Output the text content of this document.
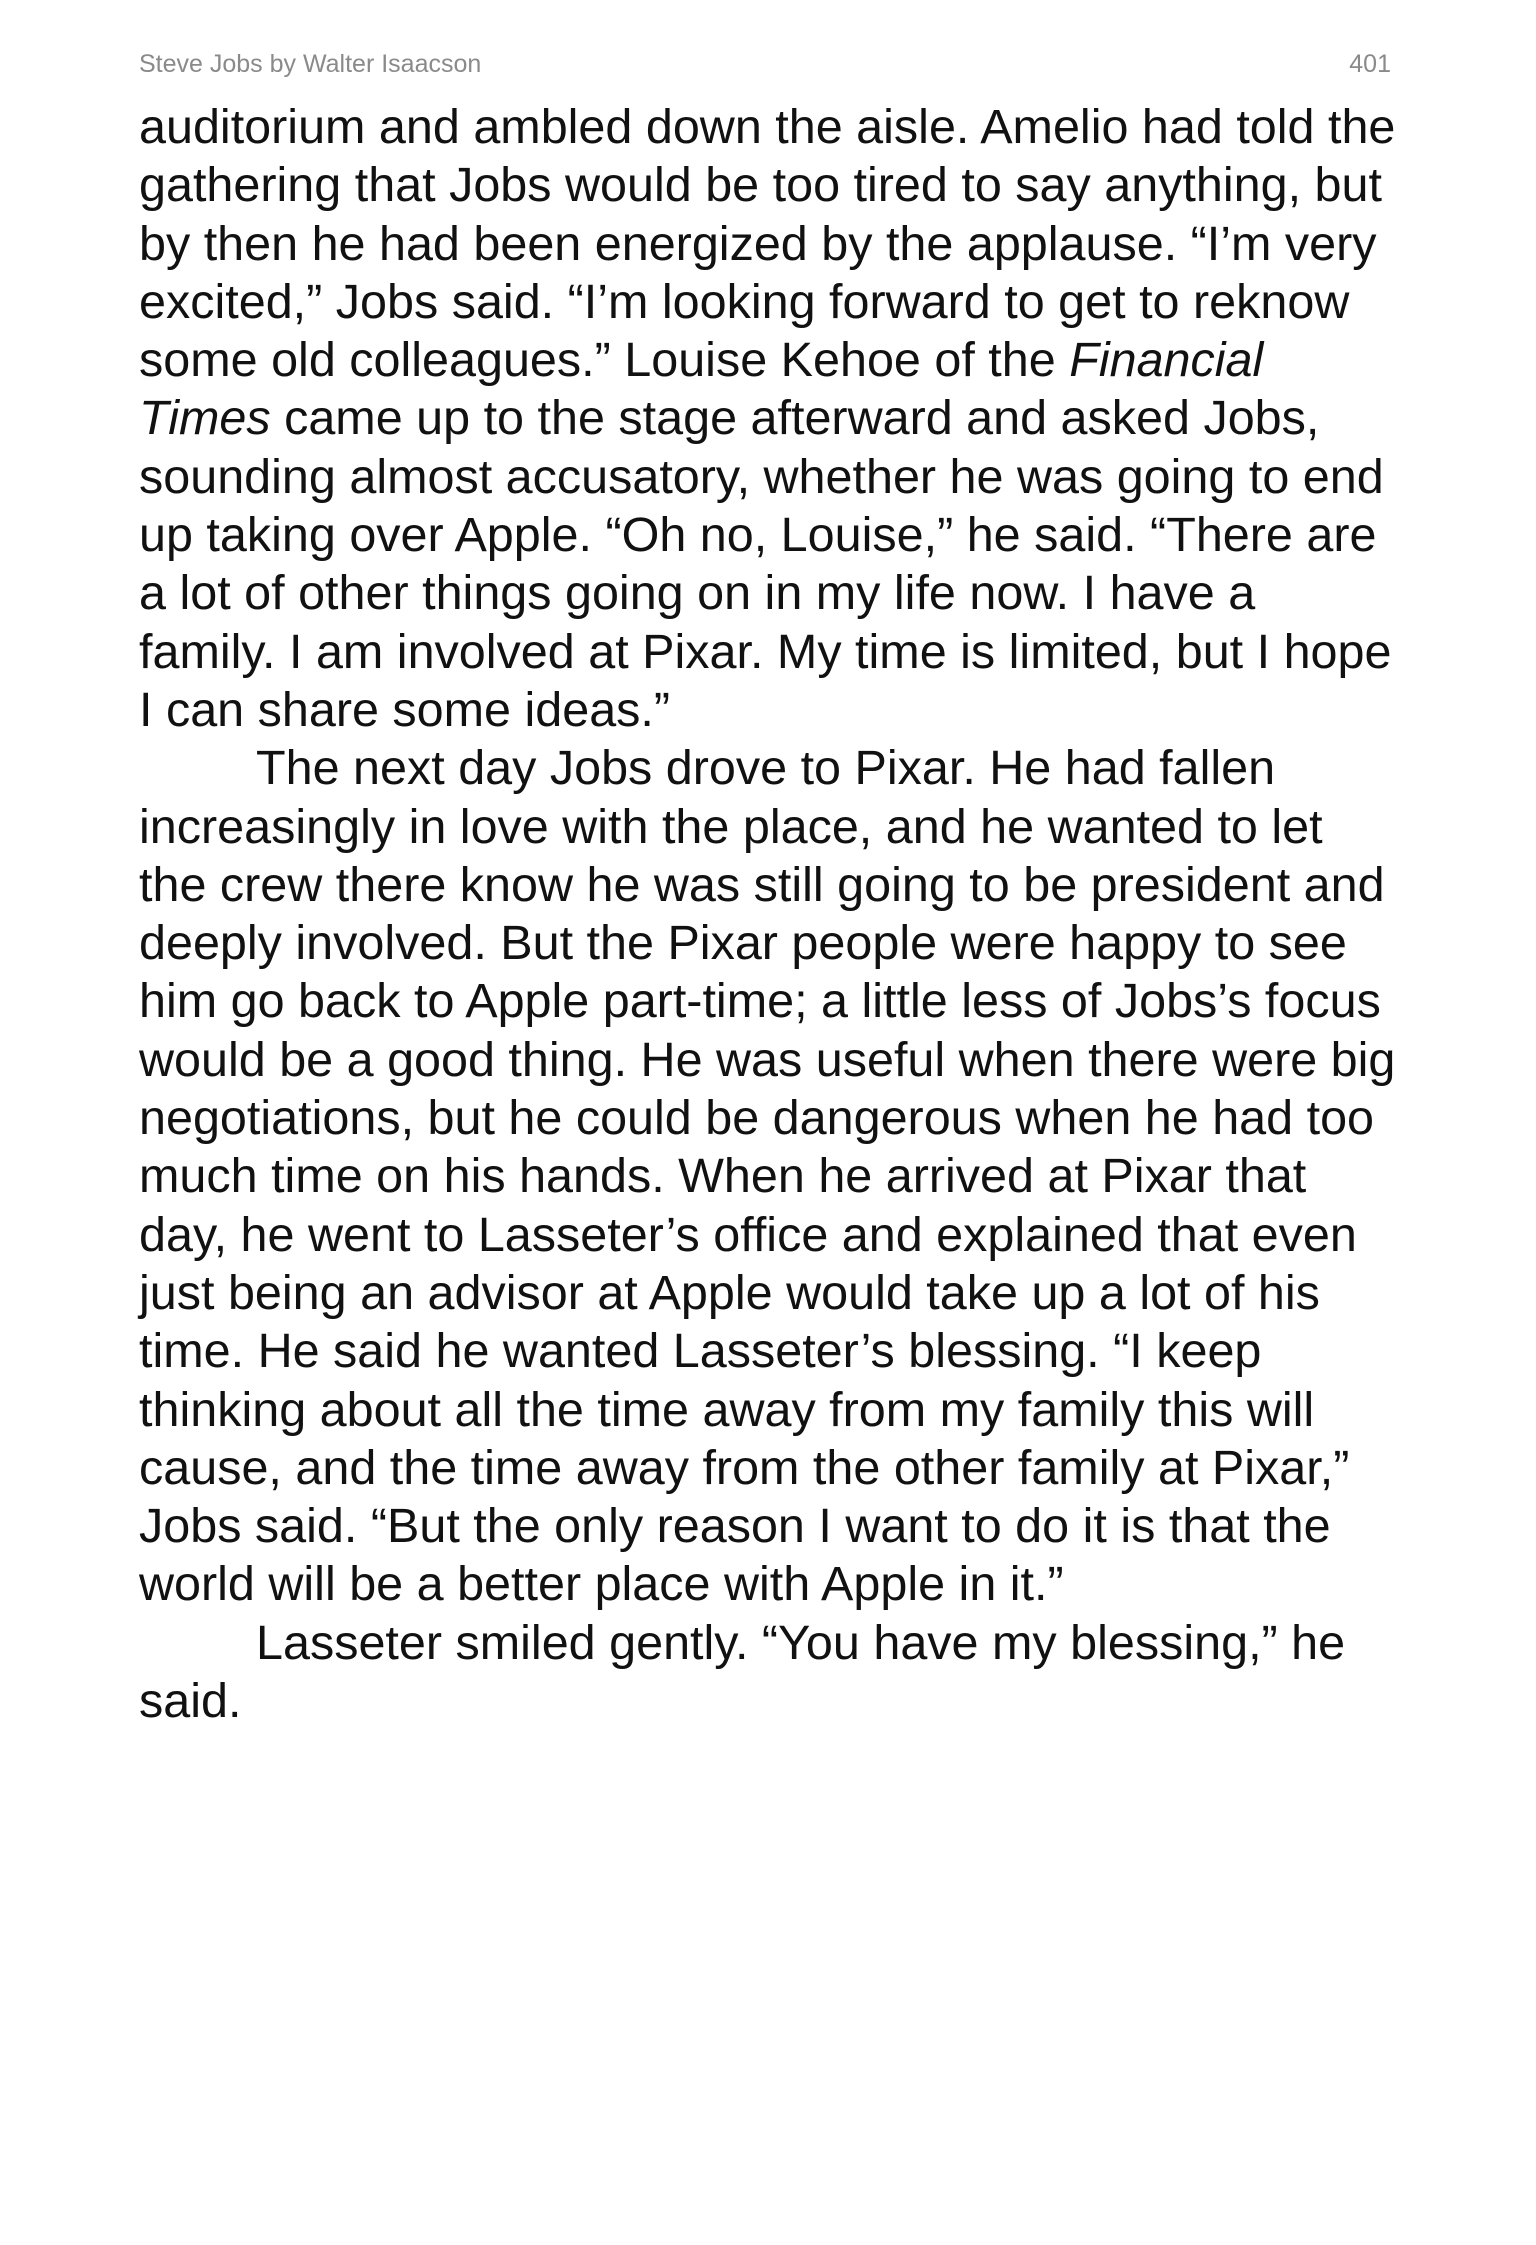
Steve Jobs by Walter Isaacson	401

auditorium and ambled down the aisle. Amelio had told the gathering that Jobs would be too tired to say anything, but by then he had been energized by the applause. “I’m very excited,” Jobs said. “I’m looking forward to get to reknow some old colleagues.” Louise Kehoe of the Financial Times came up to the stage afterward and asked Jobs, sounding almost accusatory, whether he was going to end up taking over Apple. “Oh no, Louise,” he said. “There are a lot of other things going on in my life now. I have a family. I am involved at Pixar. My time is limited, but I hope I can share some ideas.”

The next day Jobs drove to Pixar. He had fallen increasingly in love with the place, and he wanted to let the crew there know he was still going to be president and deeply involved. But the Pixar people were happy to see him go back to Apple part-time; a little less of Jobs’s focus would be a good thing. He was useful when there were big negotiations, but he could be dangerous when he had too much time on his hands. When he arrived at Pixar that day, he went to Lasseter’s office and explained that even just being an advisor at Apple would take up a lot of his time. He said he wanted Lasseter’s blessing. “I keep thinking about all the time away from my family this will cause, and the time away from the other family at Pixar,” Jobs said. “But the only reason I want to do it is that the world will be a better place with Apple in it.”

Lasseter smiled gently. “You have my blessing,” he said.
